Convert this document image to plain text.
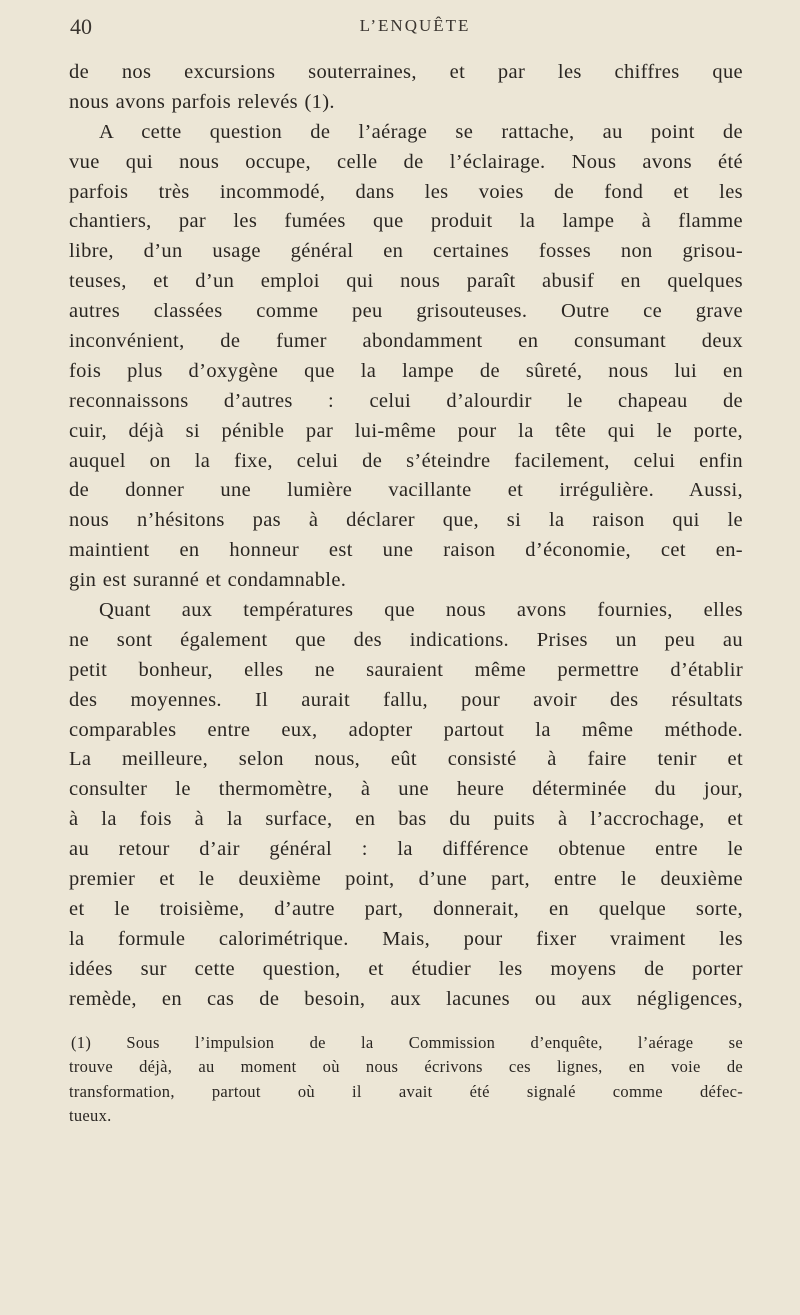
40	L’ENQUÊTE
de nos excursions souterraines, et par les chiffres que
nous avons parfois relevés (1).
A cette question de l’aérage se rattache, au point de
vue qui nous occupe, celle de l’éclairage. Nous avons été
parfois très incommodé, dans les voies de fond et les
chantiers, par les fumées que produit la lampe à flamme
libre, d’un usage général en certaines fosses non grisou-
teuses, et d’un emploi qui nous paraît abusif en quelques
autres classées comme peu grisouteuses. Outre ce grave
inconvénient, de fumer abondamment en consumant deux
fois plus d’oxygène que la lampe de sûreté, nous lui en
reconnaissons d’autres : celui d’alourdir le chapeau de
cuir, déjà si pénible par lui-même pour la tête qui le porte,
auquel on la fixe, celui de s’éteindre facilement, celui enfin
de donner une lumière vacillante et irrégulière. Aussi,
nous n’hésitons pas à déclarer que, si la raison qui le
maintient en honneur est une raison d’économie, cet en-
gin est suranné et condamnable.
Quant aux températures que nous avons fournies, elles
ne sont également que des indications. Prises un peu au
petit bonheur, elles ne sauraient même permettre d’établir
des moyennes. Il aurait fallu, pour avoir des résultats
comparables entre eux, adopter partout la même méthode.
La meilleure, selon nous, eût consisté à faire tenir et
consulter le thermomètre, à une heure déterminée du jour,
à la fois à la surface, en bas du puits à l’accrochage, et
au retour d’air général : la différence obtenue entre le
premier et le deuxième point, d’une part, entre le deuxième
et le troisième, d’autre part, donnerait, en quelque sorte,
la formule calorimétrique. Mais, pour fixer vraiment les
idées sur cette question, et étudier les moyens de porter
remède, en cas de besoin, aux lacunes ou aux négligences,
(1) Sous l’impulsion de la Commission d’enquête, l’aérage se
trouve déjà, au moment où nous écrivons ces lignes, en voie de
transformation, partout où il avait été signalé comme défec-
tueux.
